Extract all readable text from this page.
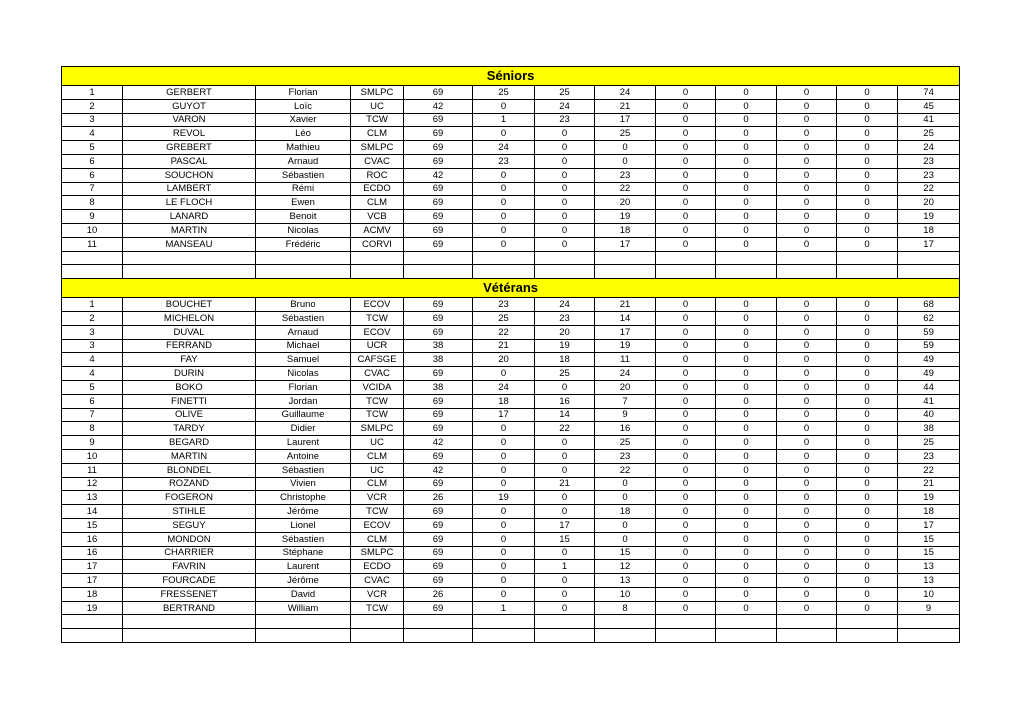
Séniors												
1	GERBERT	Florian	SMLPC	69	25	25	24	0	0	0	0	74
2	GUYOT	Loïc	UC	42	0	24	21	0	0	0	0	45
3	VARON	Xavier	TCW	69	1	23	17	0	0	0	0	41
4	REVOL	Léo	CLM	69	0	0	25	0	0	0	0	25
5	GREBERT	Mathieu	SMLPC	69	24	0	0	0	0	0	0	24
6	PASCAL	Arnaud	CVAC	69	23	0	0	0	0	0	0	23
6	SOUCHON	Sébastien	ROC	42	0	0	23	0	0	0	0	23
7	LAMBERT	Rémi	ECDO	69	0	0	22	0	0	0	0	22
8	LE FLOCH	Ewen	CLM	69	0	0	20	0	0	0	0	20
9	LANARD	Benoit	VCB	69	0	0	19	0	0	0	0	19
10	MARTIN	Nicolas	ACMV	69	0	0	18	0	0	0	0	18
11	MANSEAU	Frédéric	CORVI	69	0	0	17	0	0	0	0	17

Vétérans												
1	BOUCHET	Bruno	ECOV	69	23	24	21	0	0	0	0	68
2	MICHELON	Sébastien	TCW	69	25	23	14	0	0	0	0	62
3	DUVAL	Arnaud	ECOV	69	22	20	17	0	0	0	0	59
3	FERRAND	Michael	UCR	38	21	19	19	0	0	0	0	59
4	FAY	Samuel	CAFSGE	38	20	18	11	0	0	0	0	49
4	DURIN	Nicolas	CVAC	69	0	25	24	0	0	0	0	49
5	BOKO	Florian	VCIDA	38	24	0	20	0	0	0	0	44
6	FINETTI	Jordan	TCW	69	18	16	7	0	0	0	0	41
7	OLIVE	Guillaume	TCW	69	17	14	9	0	0	0	0	40
8	TARDY	Didier	SMLPC	69	0	22	16	0	0	0	0	38
9	BEGARD	Laurent	UC	42	0	0	25	0	0	0	0	25
10	MARTIN	Antoine	CLM	69	0	0	23	0	0	0	0	23
11	BLONDEL	Sébastien	UC	42	0	0	22	0	0	0	0	22
12	ROZAND	Vivien	CLM	69	0	21	0	0	0	0	0	21
13	FOGERON	Christophe	VCR	26	19	0	0	0	0	0	0	19
14	STIHLE	Jérôme	TCW	69	0	0	18	0	0	0	0	18
15	SEGUY	Lionel	ECOV	69	0	17	0	0	0	0	0	17
16	MONDON	Sébastien	CLM	69	0	15	0	0	0	0	0	15
16	CHARRIER	Stéphane	SMLPC	69	0	0	15	0	0	0	0	15
17	FAVRIN	Laurent	ECDO	69	0	1	12	0	0	0	0	13
17	FOURCADE	Jérôme	CVAC	69	0	0	13	0	0	0	0	13
18	FRESSENET	David	VCR	26	0	0	10	0	0	0	0	10
19	BERTRAND	William	TCW	69	1	0	8	0	0	0	0	9
